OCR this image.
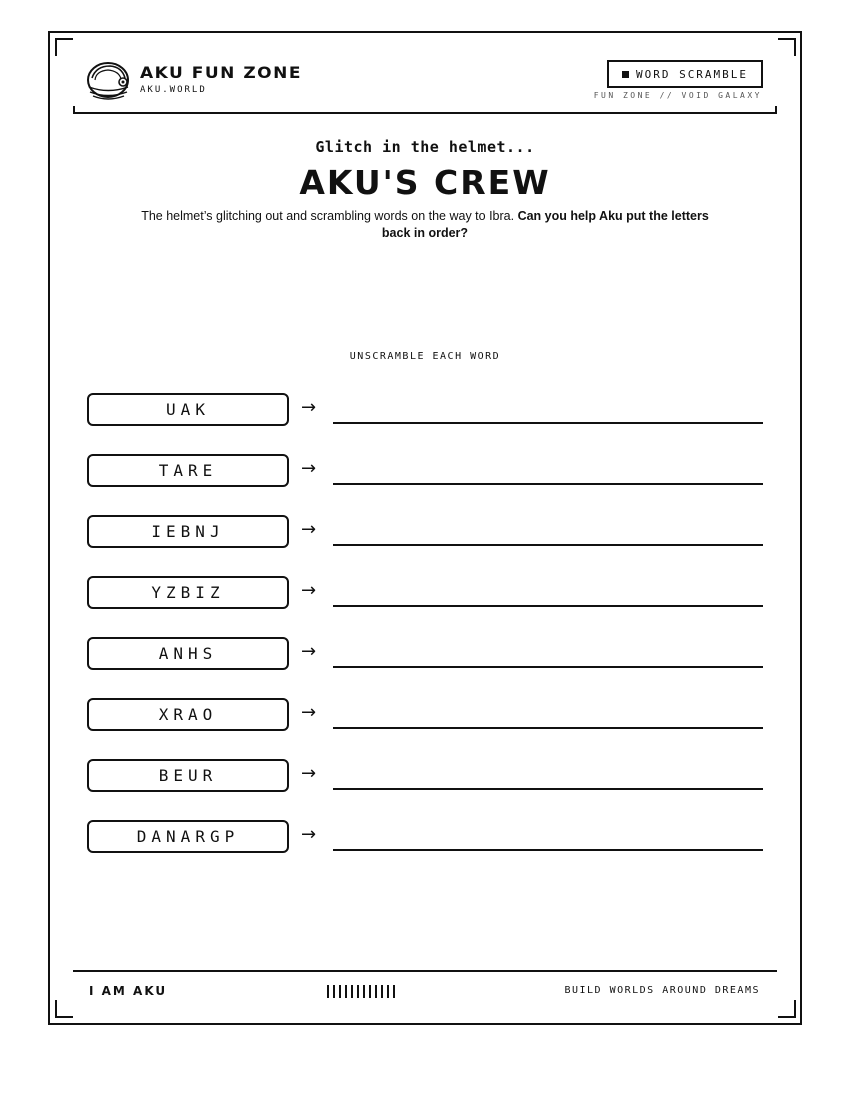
AKU FUN ZONE
AKU.WORLD
WORD SCRAMBLE
FUN ZONE // VOID GALAXY
Glitch in the helmet...
AKU'S CREW
The helmet’s glitching out and scrambling words on the way to Ibra. Can you help Aku put the letters back in order?
UNSCRAMBLE EACH WORD
UAK	→
TARE	→
IEBNJ	→
YZBIZ	→
ANHS	→
XRAO	→
BEUR	→
DANARGP	→
I AM AKU	BUILD WORLDS AROUND DREAMS
